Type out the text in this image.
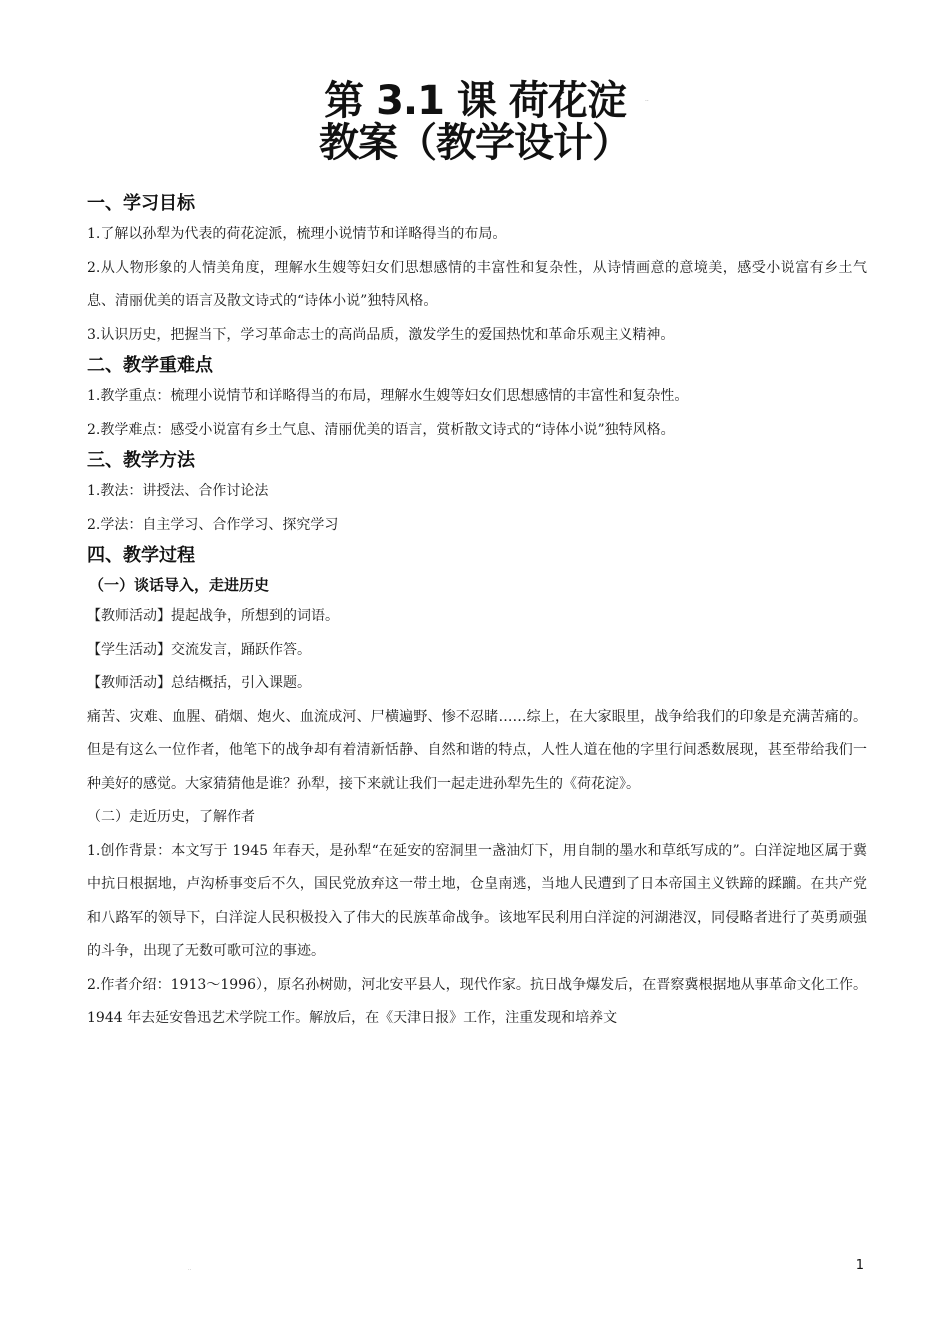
第 3.1 课 荷花淀
教案（教学设计）
..
一、学习目标

1.了解以孙犁为代表的荷花淀派，梳理小说情节和详略得当的布局。

2.从人物形象的人情美角度，理解水生嫂等妇女们思想感情的丰富性和复杂性，从诗情画意的意境美，感受小说富有乡土气息、清丽优美的语言及散文诗式的“诗体小说”独特风格。

3.认识历史，把握当下，学习革命志士的高尚品质，激发学生的爱国热忱和革命乐观主义精神。

二、教学重难点

1.教学重点：梳理小说情节和详略得当的布局，理解水生嫂等妇女们思想感情的丰富性和复杂性。

2.教学难点：感受小说富有乡土气息、清丽优美的语言，赏析散文诗式的“诗体小说”独特风格。

三、教学方法

1.教法：讲授法、合作讨论法

2.学法：自主学习、合作学习、探究学习

四、教学过程
（一）谈话导入，走进历史

【教师活动】提起战争，所想到的词语。

【学生活动】交流发言，踊跃作答。

【教师活动】总结概括，引入课题。

痛苦、灾难、血腥、硝烟、炮火、血流成河、尸横遍野、惨不忍睹……综上，在大家眼里，战争给我们的印象是充满苦痛的。但是有这么一位作者，他笔下的战争却有着清新恬静、自然和谐的特点，人性人道在他的字里行间悉数展现，甚至带给我们一种美好的感觉。大家猜猜他是谁？孙犁，接下来就让我们一起走进孙犁先生的《荷花淀》。

（二）走近历史，了解作者

1.创作背景：本文写于 1945 年春天，是孙犁“在延安的窑洞里一盏油灯下，用自制的墨水和草纸写成的”。白洋淀地区属于冀中抗日根据地，卢沟桥事变后不久，国民党放弃这一带土地，仓皇南逃，当地人民遭到了日本帝国主义铁蹄的蹂躏。在共产党和八路军的领导下，白洋淀人民积极投入了伟大的民族革命战争。该地军民利用白洋淀的河湖港汊，同侵略者进行了英勇顽强的斗争，出现了无数可歌可泣的事迹。

2.作者介绍：1913～1996），原名孙树勋，河北安平县人，现代作家。抗日战争爆发后，在晋察冀根据地从事革命文化工作。1944 年去延安鲁迅艺术学院工作。解放后，在《天津日报》工作，注重发现和培养文

..	1
